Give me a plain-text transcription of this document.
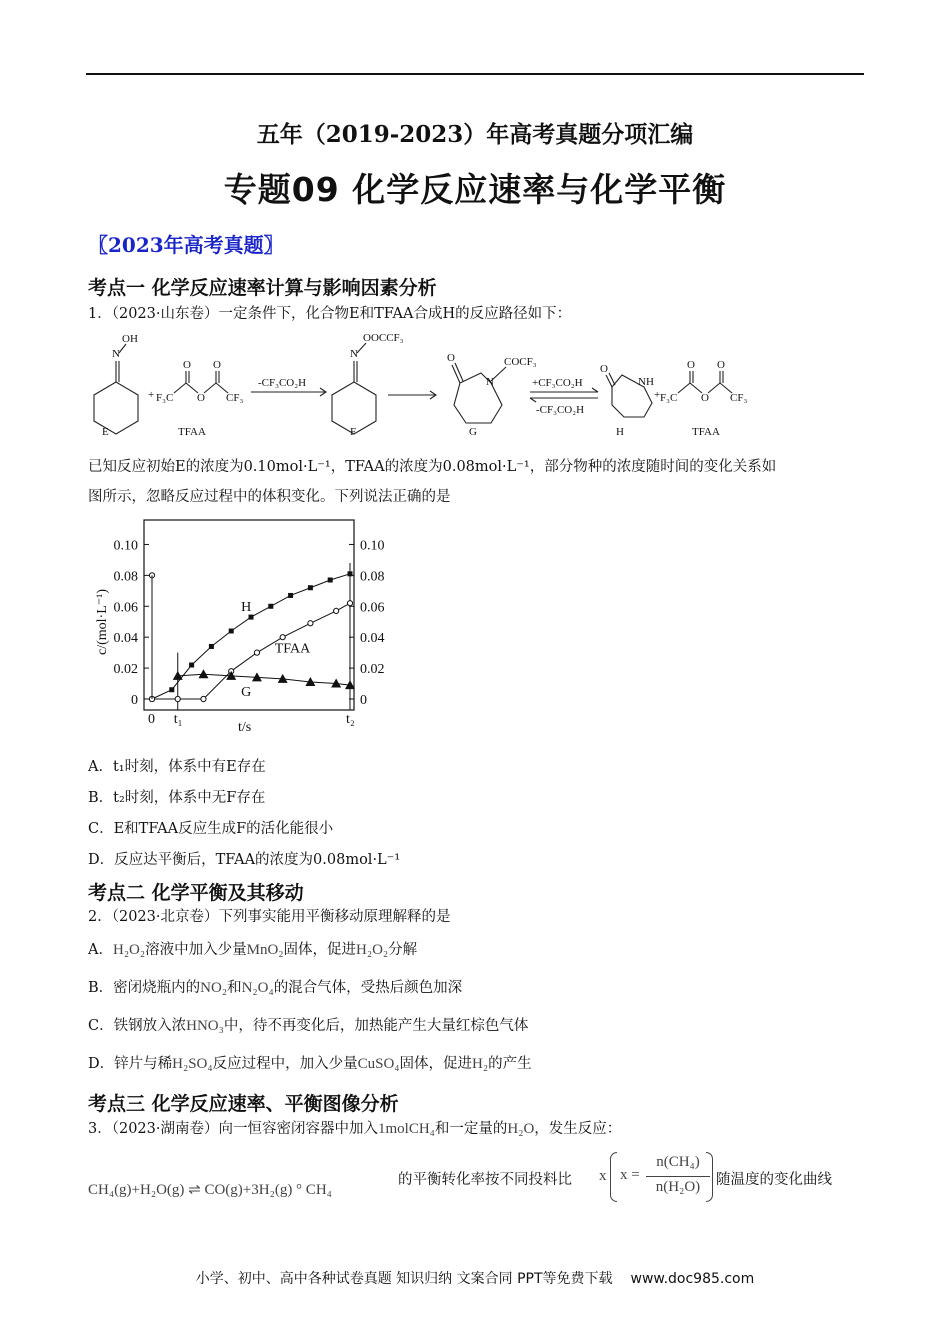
五年（2019-2023）年高考真题分项汇编
专题09 化学反应速率与化学平衡
〖2023年高考真题〗
考点一 化学反应速率计算与影响因素分析
1．（2023·山东卷）一定条件下，化合物E和TFAA合成H的反应路径如下：
OH
N
E
+ F₃C O CF₃
O O
TFAA
-CF₃CO₂H
OOCCF₃
N
F
O
N
COCF₃
G
+CF₃CO₂H
-CF₃CO₂H
O
NH
H
+ F₃C O CF₃
O O
TFAA
已知反应初始E的浓度为0.10mol·L⁻¹，TFAA的浓度为0.08mol·L⁻¹，部分物种的浓度随时间的变化关系如
图所示，忽略反应过程中的体积变化。下列说法正确的是
0	0
0.02	0.02
0.04	0.04
0.06	0.06
0.08	0.08
0.10	0.10
0 t₁	t₂
H
TFAA
G
c/(mol·L⁻¹)
t/s
A．t₁时刻，体系中有E存在
B．t₂时刻，体系中无F存在
C．E和TFAA反应生成F的活化能很小
D．反应达平衡后，TFAA的浓度为0.08mol·L⁻¹
考点二 化学平衡及其移动
2．（2023·北京卷）下列事实能用平衡移动原理解释的是
A．H₂O₂溶液中加入少量MnO₂固体，促进H₂O₂分解
B．密闭烧瓶内的NO₂和N₂O₄的混合气体，受热后颜色加深
C．铁钢放入浓HNO₃中，待不再变化后，加热能产生大量红棕色气体
D．锌片与稀H₂SO₄反应过程中，加入少量CuSO₄固体，促进H₂的产生
考点三 化学反应速率、平衡图像分析
3．（2023·湖南卷）向一恒容密闭容器中加入1molCH₄和一定量的H₂O，发生反应：
CH₄(g)+H₂O(g) ⇌ CO(g)+3H₂(g) ° CH₄
的平衡转化率按不同投料比 x x =
n(CH₄)
n(H₂O)	随温度的变化曲线
小学、初中、高中各种试卷真题 知识归纳 文案合同 PPT等免费下载 www.doc985.com
